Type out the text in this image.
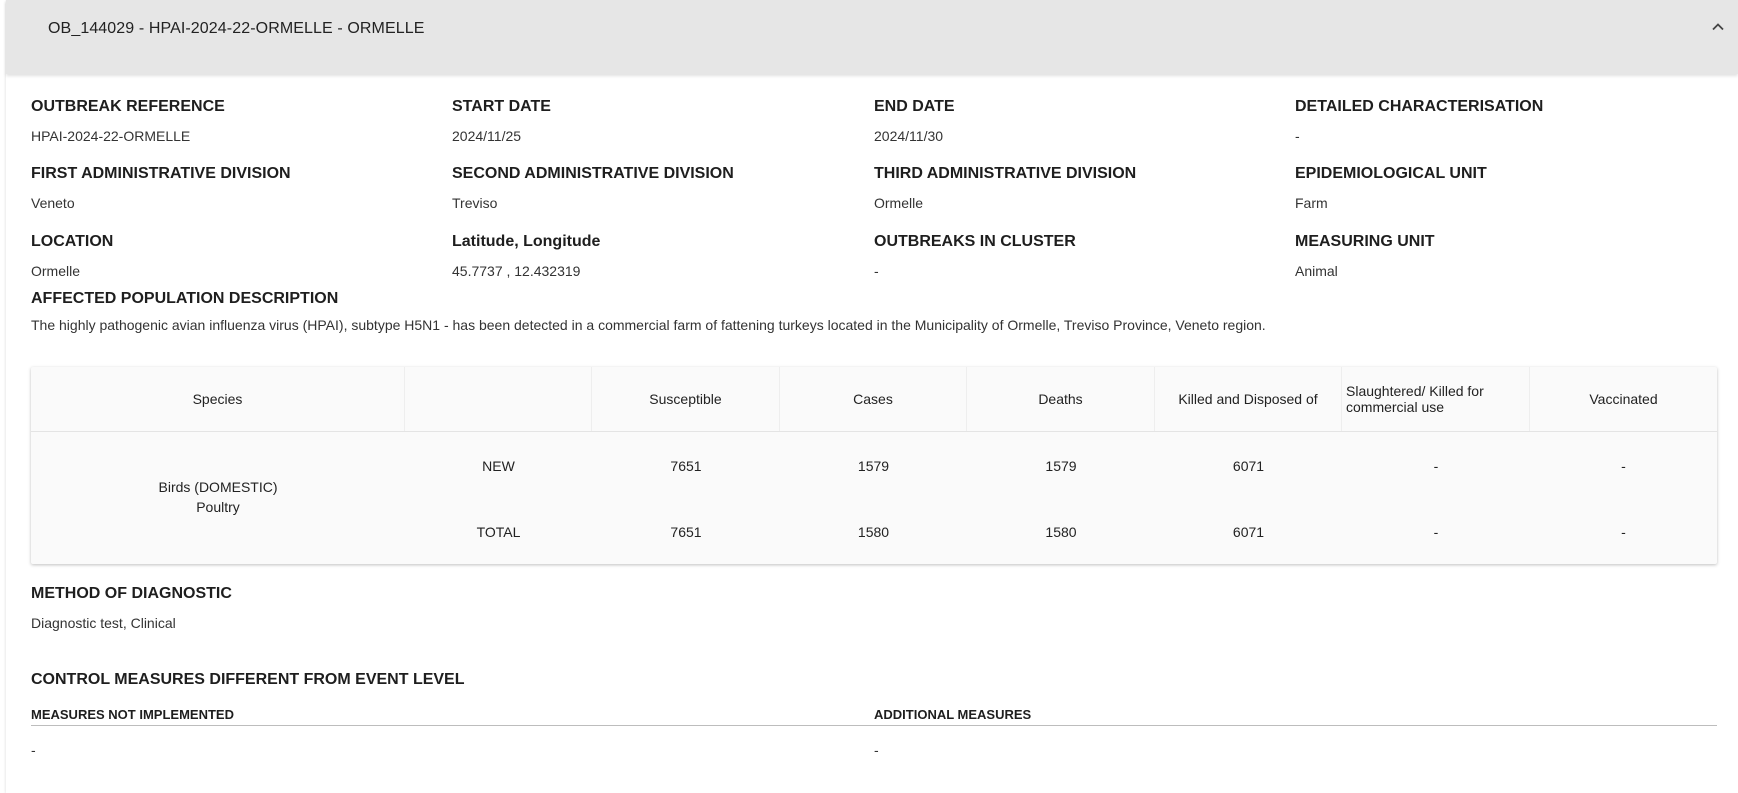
OB_144029 - HPAI-2024-22-ORMELLE - ORMELLE
OUTBREAK REFERENCE
HPAI-2024-22-ORMELLE
START DATE
2024/11/25
END DATE
2024/11/30
DETAILED CHARACTERISATION
-
FIRST ADMINISTRATIVE DIVISION
Veneto
SECOND ADMINISTRATIVE DIVISION
Treviso
THIRD ADMINISTRATIVE DIVISION
Ormelle
EPIDEMIOLOGICAL UNIT
Farm
LOCATION
Ormelle
Latitude, Longitude
45.7737 , 12.432319
OUTBREAKS IN CLUSTER
-
MEASURING UNIT
Animal
AFFECTED POPULATION DESCRIPTION
The highly pathogenic avian influenza virus (HPAI), subtype H5N1 - has been detected in a commercial farm of fattening turkeys located in the Municipality of Ormelle, Treviso Province, Veneto region.
Species	Susceptible	Cases	Deaths	Killed and Disposed of	Slaughtered/ Killed for commercial use	Vaccinated
Birds (DOMESTIC)
Poultry
NEW	7651	1579	1579	6071	-	-
TOTAL	7651	1580	1580	6071	-	-
METHOD OF DIAGNOSTIC
Diagnostic test, Clinical
CONTROL MEASURES DIFFERENT FROM EVENT LEVEL
MEASURES NOT IMPLEMENTED	ADDITIONAL MEASURES
-	-
